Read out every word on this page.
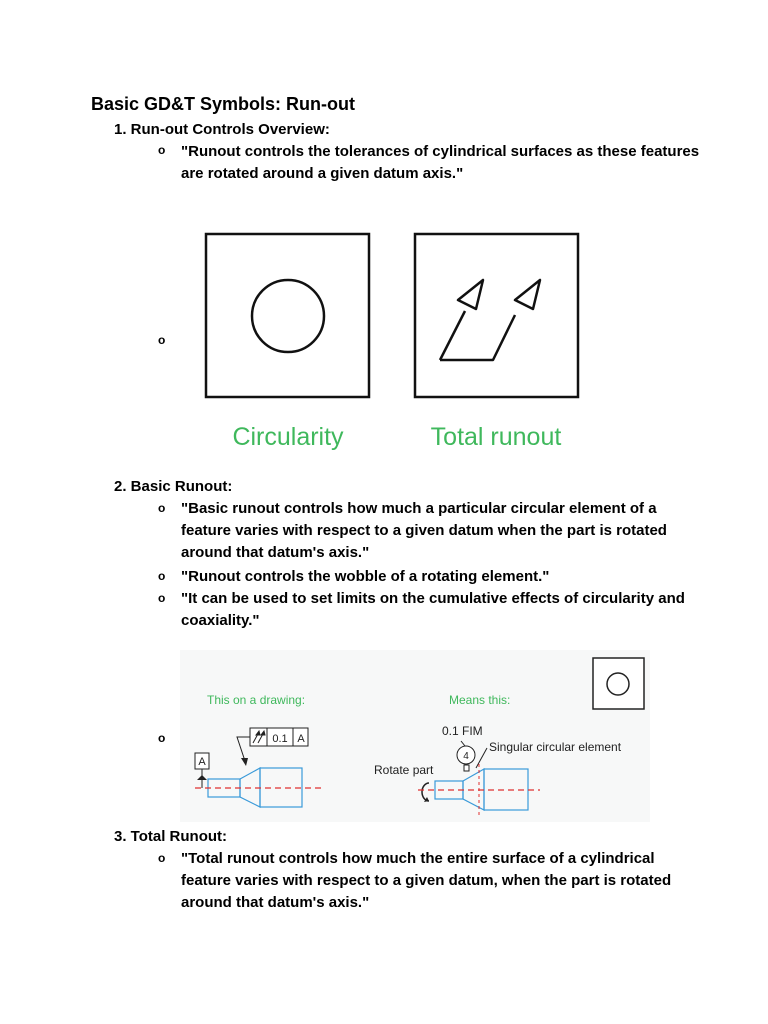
Basic GD&T Symbols: Run-out
1. Run-out Controls Overview:
o "Runout controls the tolerances of cylindrical surfaces as these features are rotated around a given datum axis."
o
Circularity	Total runout
2. Basic Runout:
o "Basic runout controls how much a particular circular element of a feature varies with respect to a given datum when the part is rotated around that datum's axis."
o "Runout controls the wobble of a rotating element."
o "It can be used to set limits on the cumulative effects of circularity and coaxiality."
o
This on a drawing:	Means this:
0.1 A
A
0.1 FIM
4
Singular circular element
Rotate part
3. Total Runout:
o "Total runout controls how much the entire surface of a cylindrical feature varies with respect to a given datum, when the part is rotated around that datum's axis."
